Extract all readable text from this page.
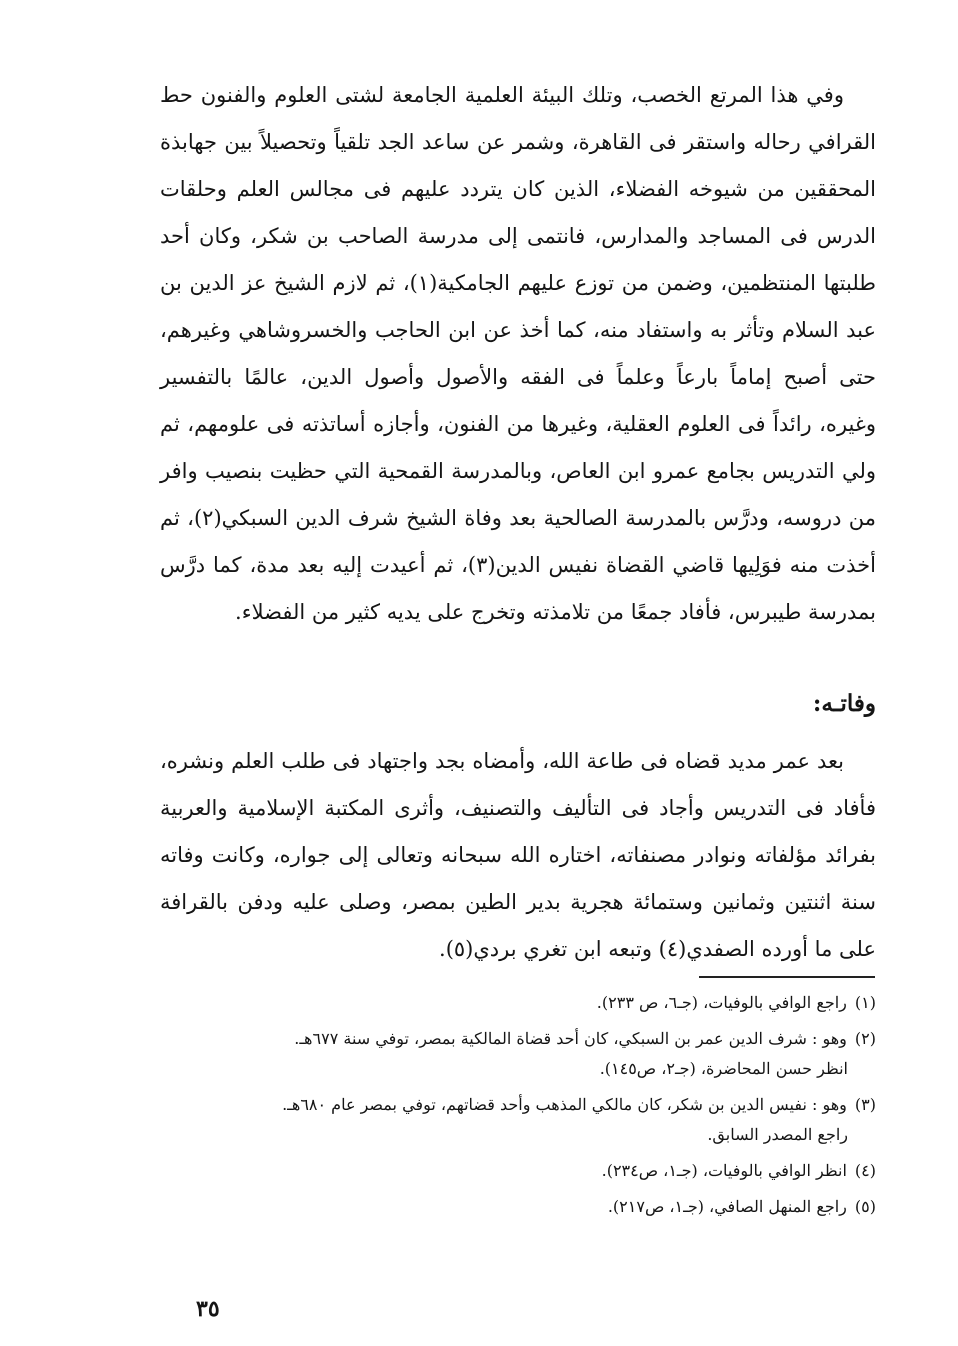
وفي هذا المرتع الخصب، وتلك البيئة العلمية الجامعة لشتى العلوم والفنون حط القرافي رحاله واستقر فى القاهرة، وشمر عن ساعد الجد تلقياً وتحصيلاً بين جهابذة المحققين من شيوخه الفضلاء، الذين كان يتردد عليهم فى مجالس العلم وحلقات الدرس فى المساجد والمدارس، فانتمى إلى مدرسة الصاحب بن شكر، وكان أحد طلبتها المنتظمين، وضمن من توزع عليهم الجامكية(١)، ثم لازم الشيخ عز الدين بن عبد السلام وتأثر به واستفاد منه، كما أخذ عن ابن الحاجب والخسروشاهي وغيرهم، حتى أصبح إماماً بارعاً وعلماً فى الفقه والأصول وأصول الدين، عالمًا بالتفسير وغيره، رائداً فى العلوم العقلية، وغيرها من الفنون، وأجازه أساتذته فى علومهم، ثم ولي التدريس بجامع عمرو ابن العاص، وبالمدرسة القمحية التي حظيت بنصيب وافر من دروسه، ودرَّس بالمدرسة الصالحية بعد وفاة الشيخ شرف الدين السبكي(٢)، ثم أخذت منه فوَلِيها قاضي القضاة نفيس الدين(٣)، ثم أعيدت إليه بعد مدة، كما درَّس بمدرسة طيبرس، فأفاد جمعًا من تلامذته وتخرج على يديه كثير من الفضلاء.

وفاتـه:

بعد عمر مديد قضاه فى طاعة الله، وأمضاه بجد واجتهاد فى طلب العلم ونشره، فأفاد فى التدريس وأجاد فى التأليف والتصنيف، وأثرى المكتبة الإسلامية والعربية بفرائد مؤلفاته ونوادر مصنفاته، اختاره الله سبحانه وتعالى إلى جواره، وكانت وفاته سنة اثنتين وثمانين وستمائة هجرية بدير الطين بمصر، وصلى عليه ودفن بالقرافة على ما أورده الصفدي(٤) وتبعه ابن تغري بردي(٥).

(١)راجع الوافي بالوفيات، (جـ٦، ص ٢٣٣).
(٢)وهو : شرف الدين عمر بن السبكي، كان أحد قضاة المالكية بمصر، توفي سنة ٦٧٧هـ.
انظر حسن المحاضرة، (جـ٢، ص١٤٥).
(٣)وهو : نفيس الدين بن شكر، كان مالكي المذهب وأحد قضاتهم، توفي بمصر عام ٦٨٠هـ.
راجع المصدر السابق.
(٤)انظر الوافي بالوفيات، (جـ١، ص٢٣٤).
(٥)راجع المنهل الصافي، (جـ١، ص٢١٧).
٣٥
